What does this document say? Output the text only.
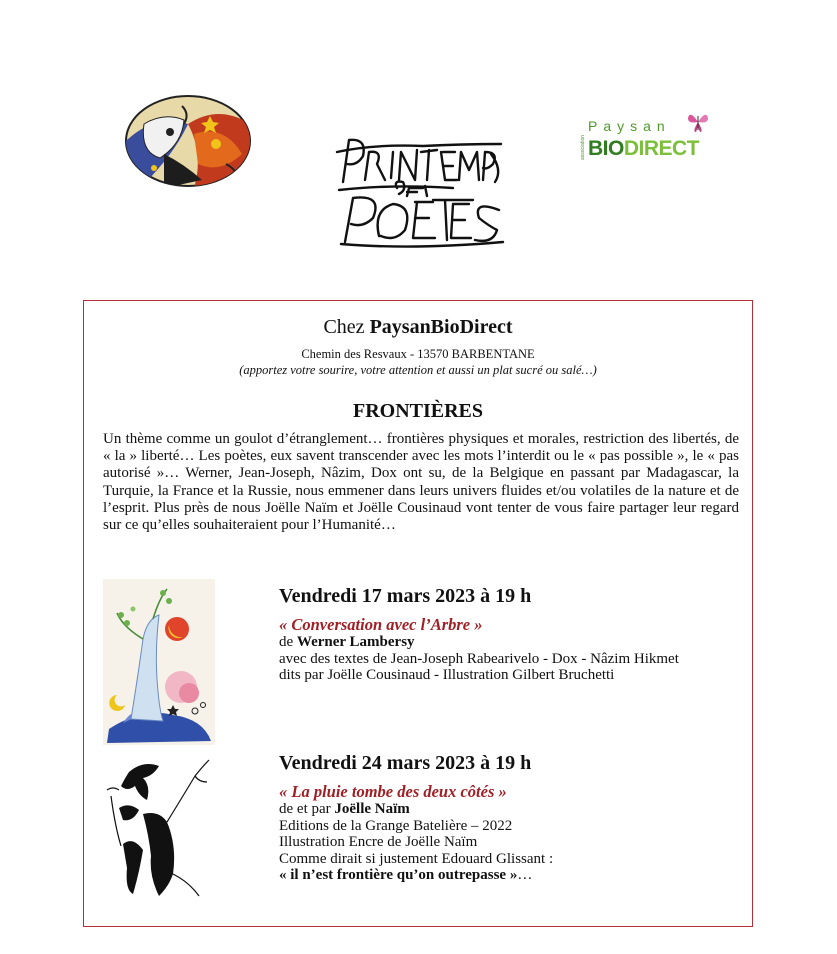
association
Paysan
BIODIRECT
Chez PaysanBioDirect
Chemin des Resvaux - 13570 BARBENTANE
(apportez votre sourire, votre attention et aussi un plat sucré ou salé…)
FRONTIÈRES

Un thème comme un goulot d’étranglement… frontières physiques et morales, restriction des libertés, de « la » liberté… Les poètes, eux savent transcender avec les mots l’interdit ou le « pas possible », le « pas autorisé »… Werner, Jean-Joseph, Nâzim, Dox ont su, de la Belgique en passant par Madagascar, la Turquie, la France et la Russie, nous emmener dans leurs univers fluides et/ou volatiles de la nature et de l’esprit. Plus près de nous Joëlle Naïm et Joëlle Cousinaud vont tenter de vous faire partager leur regard sur ce qu’elles souhaiteraient pour l’Humanité…

Vendredi 17 mars 2023 à 19 h
« Conversation avec l’Arbre »
de Werner Lambersy
avec des textes de Jean-Joseph Rabearivelo - Dox - Nâzim Hikmet
dits par Joëlle Cousinaud - Illustration Gilbert Bruchetti
Vendredi 24 mars 2023 à 19 h
« La pluie tombe des deux côtés »
de et par Joëlle Naïm
Editions de la Grange Batelière – 2022
Illustration Encre de Joëlle Naïm
Comme dirait si justement Edouard Glissant :
« il n’est frontière qu’on outrepasse »…
